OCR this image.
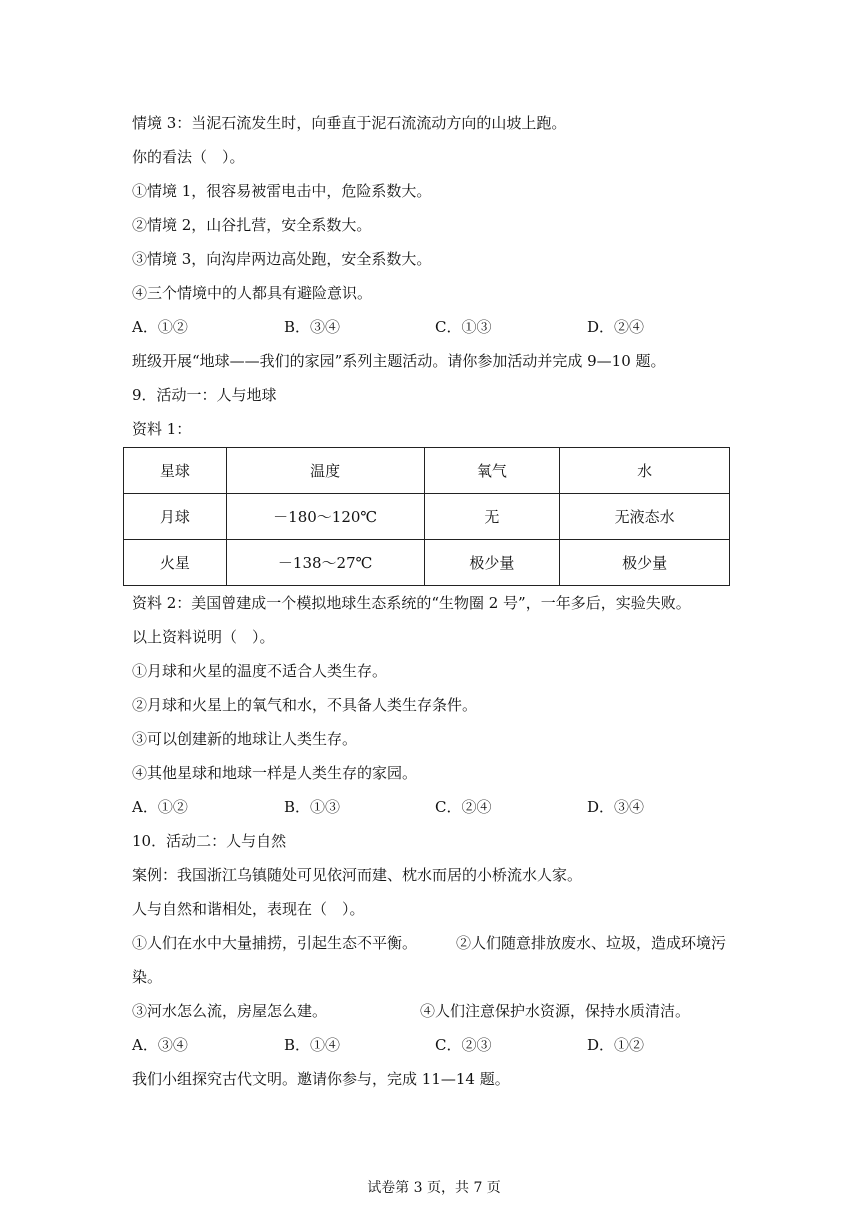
情境 3：当泥石流发生时，向垂直于泥石流流动方向的山坡上跑。
你的看法（　）。
①情境 1，很容易被雷电击中，危险系数大。
②情境 2，山谷扎营，安全系数大。
③情境 3，向沟岸两边高处跑，安全系数大。
④三个情境中的人都具有避险意识。
A．①②	B．③④	C．①③	D．②④
班级开展“地球——我们的家园”系列主题活动。请你参加活动并完成 9—10 题。
9．活动一：人与地球
资料 1：
星球	温度	氧气	水
月球	－180～120℃	无	无液态水
火星	－138～27℃	极少量	极少量
资料 2：美国曾建成一个模拟地球生态系统的“生物圈 2 号”，一年多后，实验失败。
以上资料说明（　）。
①月球和火星的温度不适合人类生存。
②月球和火星上的氧气和水，不具备人类生存条件。
③可以创建新的地球让人类生存。
④其他星球和地球一样是人类生存的家园。
A．①②	B．①③	C．②④	D．③④
10．活动二：人与自然
案例：我国浙江乌镇随处可见依河而建、枕水而居的小桥流水人家。
人与自然和谐相处，表现在（　）。
①人们在水中大量捕捞，引起生态不平衡。	②人们随意排放废水、垃圾，造成环境污
染。
③河水怎么流，房屋怎么建。	④人们注意保护水资源，保持水质清洁。
A．③④	B．①④	C．②③	D．①②
我们小组探究古代文明。邀请你参与，完成 11—14 题。
试卷第 3 页，共 7 页
